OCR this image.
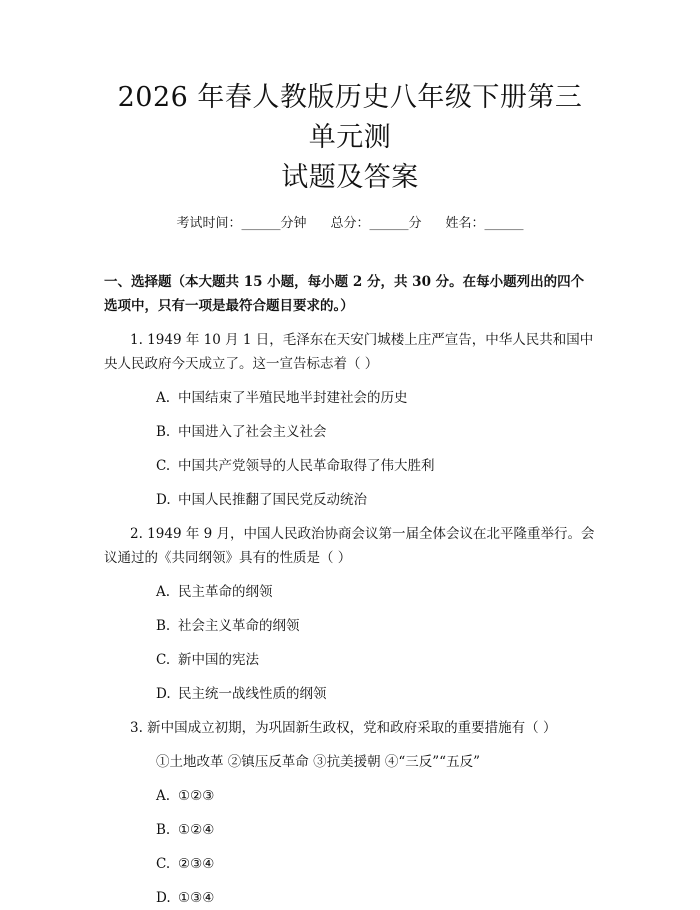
2026 年春人教版历史八年级下册第三单元测
试题及答案
考试时间：______分钟 总分：______分 姓名：______
一、选择题（本大题共 15 小题，每小题 2 分，共 30 分。在每小题列出的四个选项中，只有一项是最符合题目要求的。）
1. 1949 年 10 月 1 日，毛泽东在天安门城楼上庄严宣告，中华人民共和国中央人民政府今天成立了。这一宣告标志着（ ）
A. 中国结束了半殖民地半封建社会的历史
B. 中国进入了社会主义社会
C. 中国共产党领导的人民革命取得了伟大胜利
D. 中国人民推翻了国民党反动统治
2. 1949 年 9 月，中国人民政治协商会议第一届全体会议在北平隆重举行。会议通过的《共同纲领》具有的性质是（ ）
A. 民主革命的纲领
B. 社会主义革命的纲领
C. 新中国的宪法
D. 民主统一战线性质的纲领
3. 新中国成立初期，为巩固新生政权，党和政府采取的重要措施有（ ）
①土地改革 ②镇压反革命 ③抗美援朝 ④“三反”“五反”
A. ①②③
B. ①②④
C. ②③④
D. ①③④
